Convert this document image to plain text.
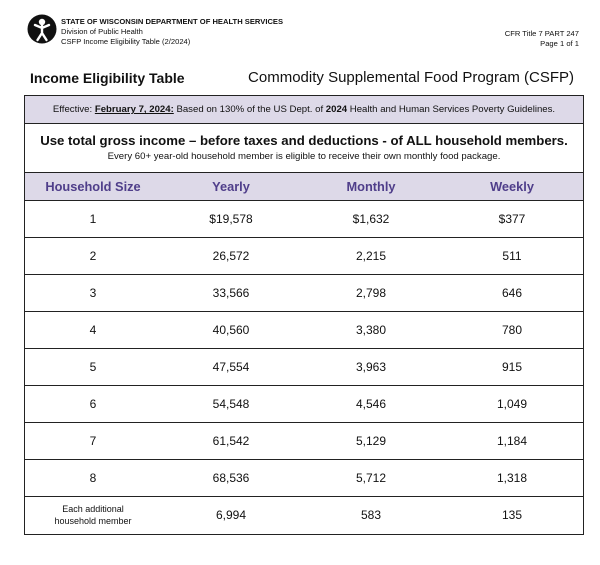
STATE OF WISCONSIN DEPARTMENT OF HEALTH SERVICES
Division of Public Health
CSFP Income Eligibility Table (2/2024)
CFR Title 7 PART 247
Page 1 of 1
Income Eligibility Table	Commodity Supplemental Food Program (CSFP)
Effective: February 7, 2024: Based on 130% of the US Dept. of 2024 Health and Human Services Poverty Guidelines.
Use total gross income – before taxes and deductions - of ALL household members.
Every 60+ year-old household member is eligible to receive their own monthly food package.
Household Size	Yearly	Monthly	Weekly
1	$19,578	$1,632	$377
2	26,572	2,215	511
3	33,566	2,798	646
4	40,560	3,380	780
5	47,554	3,963	915
6	54,548	4,546	1,049
7	61,542	5,129	1,184
8	68,536	5,712	1,318
Each additional
household member	6,994	583	135
